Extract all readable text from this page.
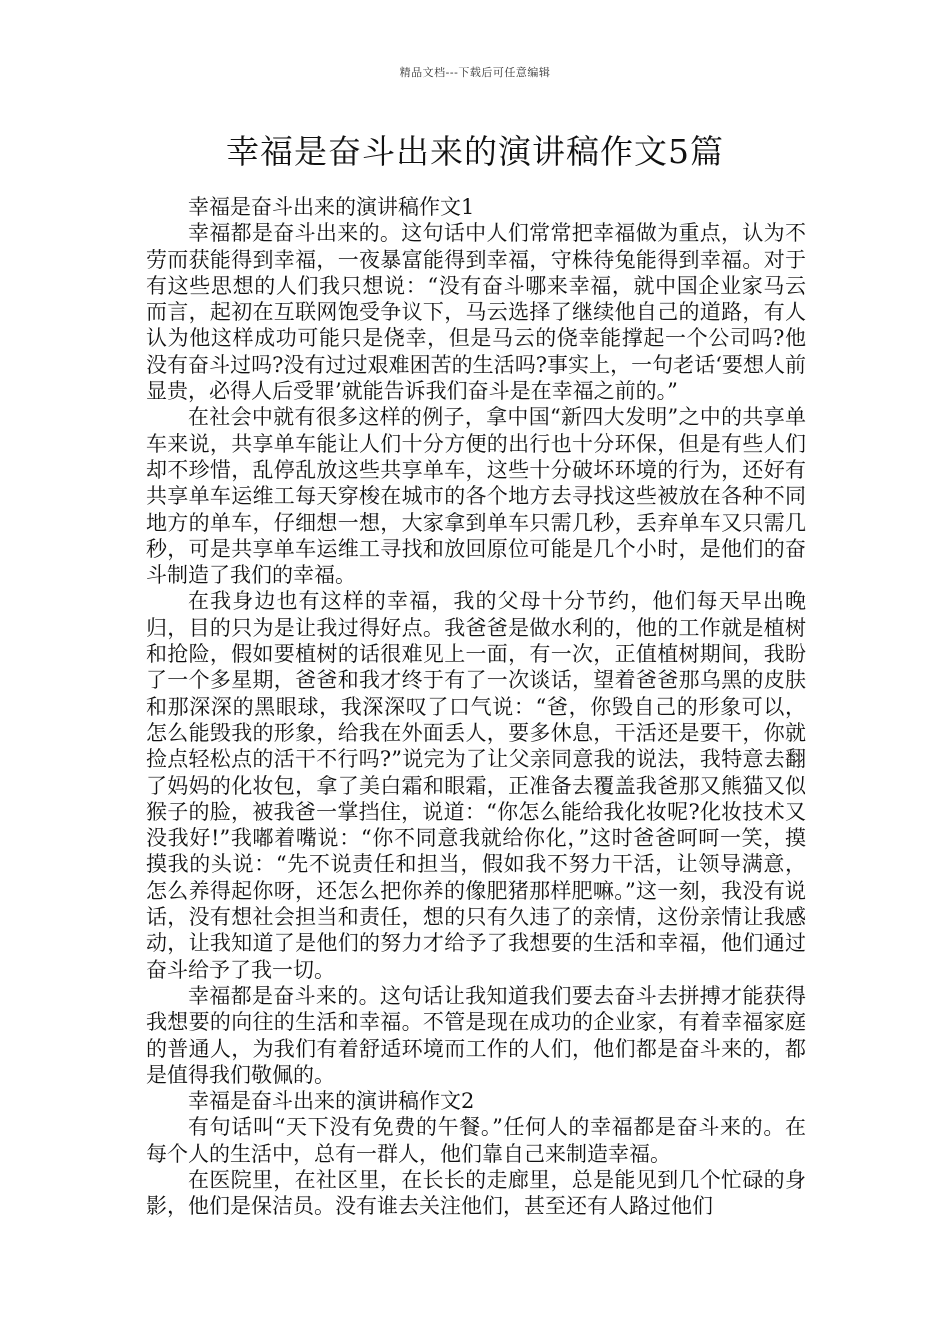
精品文档---下载后可任意编辑
幸福是奋斗出来的演讲稿作文5篇

幸福是奋斗出来的演讲稿作文1

幸福都是奋斗出来的。这句话中人们常常把幸福做为重点，认为不劳而获能得到幸福，一夜暴富能得到幸福，守株待兔能得到幸福。对于有这些思想的人们我只想说：“没有奋斗哪来幸福，就中国企业家马云而言，起初在互联网饱受争议下，马云选择了继续他自己的道路，有人认为他这样成功可能只是侥幸，但是马云的侥幸能撑起一个公司吗?他没有奋斗过吗?没有过过艰难困苦的生活吗?事实上，一句老话‘要想人前显贵，必得人后受罪’就能告诉我们奋斗是在幸福之前的。”

在社会中就有很多这样的例子，拿中国“新四大发明”之中的共享单车来说，共享单车能让人们十分方便的出行也十分环保，但是有些人们却不珍惜，乱停乱放这些共享单车，这些十分破坏环境的行为，还好有共享单车运维工每天穿梭在城市的各个地方去寻找这些被放在各种不同地方的单车，仔细想一想，大家拿到单车只需几秒，丢弃单车又只需几秒，可是共享单车运维工寻找和放回原位可能是几个小时，是他们的奋斗制造了我们的幸福。

在我身边也有这样的幸福，我的父母十分节约，他们每天早出晚归，目的只为是让我过得好点。我爸爸是做水利的，他的工作就是植树和抢险，假如要植树的话很难见上一面，有一次，正值植树期间，我盼了一个多星期，爸爸和我才终于有了一次谈话，望着爸爸那乌黑的皮肤和那深深的黑眼球，我深深叹了口气说：“爸，你毁自己的形象可以，怎么能毁我的形象，给我在外面丢人，要多休息，干活还是要干，你就捡点轻松点的活干不行吗?”说完为了让父亲同意我的说法，我特意去翻了妈妈的化妆包，拿了美白霜和眼霜，正准备去覆盖我爸那又熊猫又似猴子的脸，被我爸一掌挡住，说道：“你怎么能给我化妆呢?化妆技术又没我好!”我嘟着嘴说：“你不同意我就给你化，”这时爸爸呵呵一笑，摸摸我的头说：“先不说责任和担当，假如我不努力干活，让领导满意，怎么养得起你呀，还怎么把你养的像肥猪那样肥嘛。”这一刻，我没有说话，没有想社会担当和责任，想的只有久违了的亲情，这份亲情让我感动，让我知道了是他们的努力才给予了我想要的生活和幸福，他们通过奋斗给予了我一切。

幸福都是奋斗来的。这句话让我知道我们要去奋斗去拼搏才能获得我想要的向往的生活和幸福。不管是现在成功的企业家，有着幸福家庭的普通人，为我们有着舒适环境而工作的人们，他们都是奋斗来的，都是值得我们敬佩的。

幸福是奋斗出来的演讲稿作文2

有句话叫“天下没有免费的午餐。”任何人的幸福都是奋斗来的。在每个人的生活中，总有一群人，他们靠自己来制造幸福。

在医院里，在社区里，在长长的走廊里，总是能见到几个忙碌的身影，他们是保洁员。没有谁去关注他们，甚至还有人路过他们
